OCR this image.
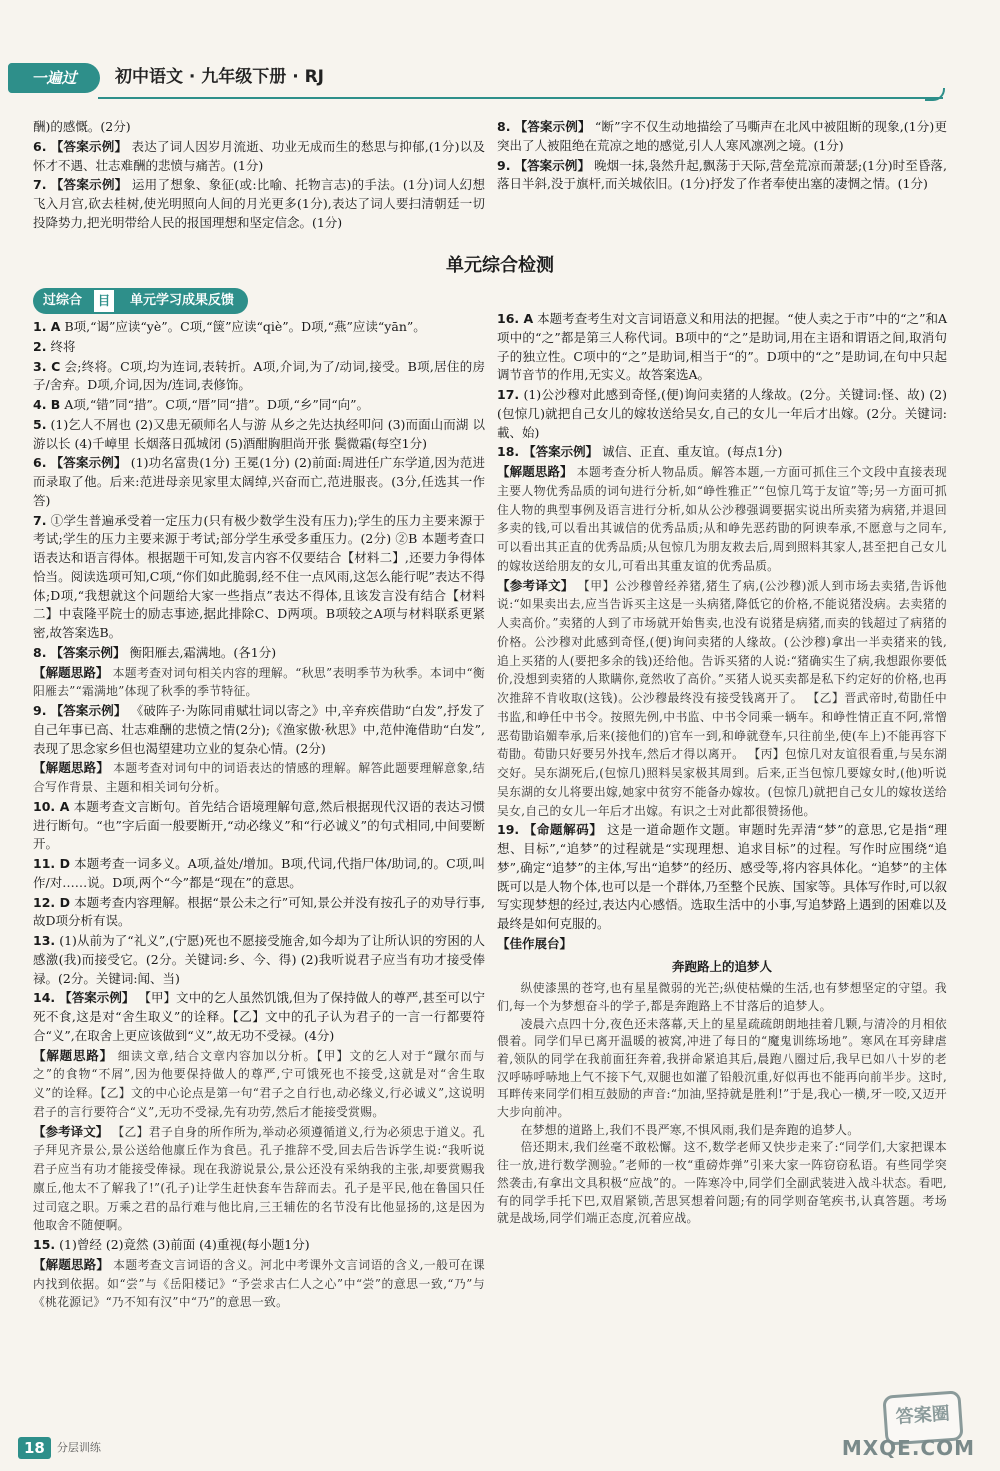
一遍过	初中语文 · 九年级下册 · RJ
酬)的感慨。(2分)
6. 【答案示例】 表达了词人因岁月流逝、功业无成而生的愁思与抑郁,(1分)以及怀才不遇、壮志难酬的悲愤与痛苦。(1分)
7. 【答案示例】 运用了想象、象征(或:比喻、托物言志)的手法。(1分)词人幻想飞入月宫,砍去桂树,使光明照向人间的月光更多(1分),表达了词人要扫清朝廷一切投降势力,把光明带给人民的报国理想和坚定信念。(1分)
8. 【答案示例】 “断”字不仅生动地描绘了马嘶声在北风中被阻断的现象,(1分)更突出了人被阻绝在荒凉之地的感觉,引人人寒风凛冽之境。(1分)
9. 【答案示例】 晚烟一抹,袅然升起,飘荡于天际,营垒荒凉而萧瑟;(1分)时至昏落,落日半斜,没于旗杆,而关城依旧。(1分)抒发了作者奉使出塞的凄惆之情。(1分)
单元综合检测
过综合	目	单元学习成果反馈
1. A B项,“谒”应读“yè”。C项,“箧”应读“qiè”。D项,“燕”应读“yān”。
2. 终将
3. C 会;终将。C项,均为连词,表转折。A项,介词,为了/动词,接受。B项,居住的房子/舍弃。D项,介词,因为/连词,表修饰。
4. B A项,“错”同“措”。C项,“厝”同“措”。D项,“乡”同“向”。
5. (1)乞人不屑也 (2)又患无硕师名人与游 从乡之先达执经叩问 (3)而面山而湖 以游以长 (4)千嶂里 长烟落日孤城闭 (5)酒酣胸胆尚开张 鬓微霜(每空1分)
6. 【答案示例】 (1)功名富贵(1分) 王冕(1分) (2)前面:周进任广东学道,因为范进而录取了他。后来:范进母亲见家里太阔绰,兴奋而亡,范进服丧。(3分,任选其一作答)
7. ①学生普遍承受着一定压力(只有极少数学生没有压力);学生的压力主要来源于考试;学生的压力主要来源于考试;部分学生承受多重压力。(2分) ②B 本题考查口语表达和语言得体。根据题干可知,发言内容不仅要结合【材料二】,还要力争得体恰当。阅读选项可知,C项,“你们如此脆弱,经不住一点风雨,这怎么能行呢”表达不得体;D项,“我想就这个问题给大家一些指点”表达不得体,且该发言没有结合【材料二】中袁隆平院士的励志事迹,据此排除C、D两项。B项较之A项与材料联系更紧密,故答案选B。
8. 【答案示例】 衡阳雁去,霜满地。(各1分)
【解题思路】 本题考查对词句相关内容的理解。“秋思”表明季节为秋季。本词中“衡阳雁去”“霜满地”体现了秋季的季节特征。
9. 【答案示例】 《破阵子·为陈同甫赋壮词以寄之》中,辛弃疾借助“白发”,抒发了自己年事已高、壮志难酬的悲愤之情(2分);《渔家傲·秋思》中,范仲淹借助“白发”,表现了思念家乡但也渴望建功立业的复杂心情。(2分)
【解题思路】 本题考查对词句中的词语表达的情感的理解。解答此题要理解意象,结合写作背景、主题和相关词句分析。
10. A 本题考查文言断句。首先结合语境理解句意,然后根据现代汉语的表达习惯进行断句。“也”字后面一般要断开,“动必缘义”和“行必诚义”的句式相同,中间要断开。
11. D 本题考查一词多义。A项,益处/增加。B项,代词,代指尸体/助词,的。C项,叫作/对……说。D项,两个“今”都是“现在”的意思。
12. D 本题考查内容理解。根据“景公未之行”可知,景公并没有按孔子的劝导行事,故D项分析有误。
13. (1)从前为了“礼义”,(宁愿)死也不愿接受施舍,如今却为了让所认识的穷困的人感激(我)而接受它。(2分。关键词:乡、今、得) (2)我听说君子应当有功才接受俸禄。(2分。关键词:闻、当)
14. 【答案示例】 【甲】文中的乞人虽然饥饿,但为了保持做人的尊严,甚至可以宁死不食,这是对“舍生取义”的诠释。【乙】文中的孔子认为君子的一言一行都要符合“义”,在取舍上更应该做到“义”,故无功不受禄。(4分)
【解题思路】 细读文章,结合文章内容加以分析。【甲】文的乞人对于“蹴尔而与之”的食物“不屑”,因为他要保持做人的尊严,宁可饿死也不接受,这就是对“舍生取义”的诠释。【乙】文的中心论点是第一句“君子之自行也,动必缘义,行必诚义”,这说明君子的言行要符合“义”,无功不受禄,先有功劳,然后才能接受赏赐。
【参考译文】 【乙】君子自身的所作所为,举动必须遵循道义,行为必须忠于道义。孔子拜见齐景公,景公送给他廪丘作为食邑。孔子推辞不受,回去后告诉学生说:“我听说君子应当有功才能接受俸禄。现在我游说景公,景公还没有采纳我的主张,却要赏赐我廪丘,他太不了解我了!”(孔子)让学生赶快套车告辞而去。孔子是平民,他在鲁国只任过司寇之职。万乘之君的品行难与他比肩,三王辅佐的名节没有比他显扬的,这是因为他取舍不随便啊。
15. (1)曾经 (2)竟然 (3)前面 (4)重视(每小题1分)
【解题思路】 本题考查文言词语的含义。河北中考课外文言词语的含义,一般可在课内找到依据。如“尝”与《岳阳楼记》“予尝求古仁人之心”中“尝”的意思一致,“乃”与《桃花源记》“乃不知有汉”中“乃”的意思一致。
16. A 本题考查考生对文言词语意义和用法的把握。“使人卖之于市”中的“之”和A项中的“之”都是第三人称代词。B项中的“之”是助词,用在主语和谓语之间,取消句子的独立性。C项中的“之”是助词,相当于“的”。D项中的“之”是助词,在句中只起调节音节的作用,无实义。故答案选A。
17. (1)公沙穆对此感到奇怪,(便)询问卖猪的人缘故。(2分。关键词:怪、故) (2)(包惊几)就把自己女儿的嫁妆送给吴女,自己的女儿一年后才出嫁。(2分。关键词:載、始)
18. 【答案示例】 诚信、正直、重友谊。(每点1分)
【解题思路】 本题考查分析人物品质。解答本题,一方面可抓住三个文段中直接表现主要人物优秀品质的词句进行分析,如“峥性雅正”“包惊几笃于友谊”等;另一方面可抓住人物的典型事例及语言进行分析,如从公沙穆强调要据实说出所卖猪为病猪,并退回多卖的钱,可以看出其诚信的优秀品质;从和峥先恶药勖的阿谀奉承,不愿意与之同车,可以看出其正直的优秀品质;从包惊几为朋友救去后,周到照料其家人,甚至把自己女儿的嫁妆送给朋友的女儿,可看出其重友谊的优秀品质。
【参考译文】 【甲】公沙穆曾经养猪,猪生了病,(公沙穆)派人到市场去卖猪,告诉他说:“如果卖出去,应当告诉买主这是一头病猪,降低它的价格,不能说猪没病。去卖猪的人卖高价。”卖猪的人到了市场就开始售卖,也没有说猪是病猪,而卖的钱超过了病猪的价格。公沙穆对此感到奇怪,(便)询问卖猪的人缘故。(公沙穆)拿出一半卖猪来的钱,追上买猪的人(要把多余的钱)还给他。告诉买猪的人说:“猪确实生了病,我想跟你要低价,没想到卖猪的人欺瞒你,竟然收了高价。”买猪人说买卖都是私下约定好的价格,也再次推辞不肯收取(这钱)。公沙穆最终没有接受钱离开了。 【乙】晋武帝时,荀勖任中书监,和峥任中书令。按照先例,中书监、中书令同乘一辆车。和峥性情正直不阿,常憎恶荀勖谄媚奉承,后来(接他们的)官车一到,和峥就登车,只往前坐,使(车上)不能再容下荀勖。荀勖只好要另外找车,然后才得以离开。 【丙】包惊几对友谊很看重,与吴东湖交好。吴东湖死后,(包惊几)照料吴家极其周到。后来,正当包惊几要嫁女时,(他)听说吴东湖的女儿将要出嫁,她家中贫穷不能备办嫁妆。(包惊几)就把自己女儿的嫁妆送给吴女,自己的女儿一年后才出嫁。有识之士对此都很赞扬他。
19. 【命题解码】 这是一道命题作文题。审题时先弄清“梦”的意思,它是指“理想、目标”,“追梦”的过程就是“实现理想、追求目标”的过程。写作时应围绕“追梦”,确定“追梦”的主体,写出“追梦”的经历、感受等,将内容具体化。“追梦”的主体既可以是人物个体,也可以是一个群体,乃至整个民族、国家等。具体写作时,可以叙写实现梦想的经过,表达内心感悟。选取生活中的小事,写追梦路上遇到的困难以及最终是如何克服的。
【佳作展台】
奔跑路上的追梦人
纵使漆黑的苍穹,也有星星微弱的光芒;纵使枯燥的生活,也有梦想坚定的守望。我们,每一个为梦想奋斗的学子,都是奔跑路上不甘落后的追梦人。
凌晨六点四十分,夜色还未落幕,天上的星星疏疏朗朗地挂着几颗,与清冷的月相依偎着。同学们早已离开温暖的被窝,冲进了每日的“魔鬼训练场地”。寒风在耳旁肆虐着,领队的同学在我前面狂奔着,我拼命紧追其后,晨跑八圈过后,我早已如八十岁的老汉呼哧呼哧地上气不接下气,双腿也如灌了铅般沉重,好似再也不能再向前半步。这时,耳畔传来同学们相互鼓励的声音:“加油,坚持就是胜利!”于是,我心一横,牙一咬,又迈开大步向前冲。
在梦想的道路上,我们不畏严寒,不惧风雨,我们是奔跑的追梦人。
倍还期末,我们丝毫不敢松懈。这不,数学老师又快步走来了:“同学们,大家把课本往一放,进行数学测验。”老师的一枚“重磅炸弹”引来大家一阵窃窃私语。有些同学突然袭击,有拿出文具积极“应战”的。一阵寒冷中,同学们全副武装进入战斗状态。看吧,有的同学手托下巴,双眉紧锁,苦思冥想着问题;有的同学则奋笔疾书,认真答题。考场就是战场,同学们端正态度,沉着应战。
18	分层训练
答案圈
MXQE.COM
